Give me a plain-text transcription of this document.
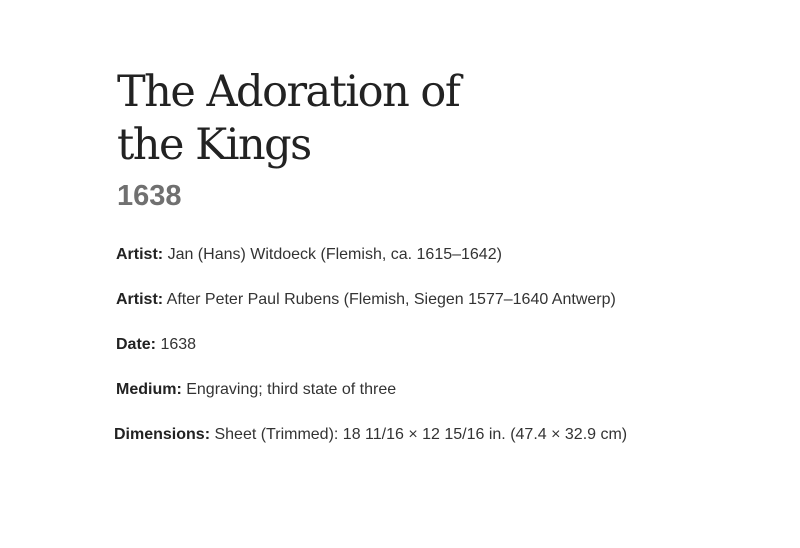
The Adoration of the Kings
1638
Artist: Jan (Hans) Witdoeck (Flemish, ca. 1615–1642)
Artist: After Peter Paul Rubens (Flemish, Siegen 1577–1640 Antwerp)
Date: 1638
Medium: Engraving; third state of three
Dimensions: Sheet (Trimmed): 18 11/16 × 12 15/16 in. (47.4 × 32.9 cm)
